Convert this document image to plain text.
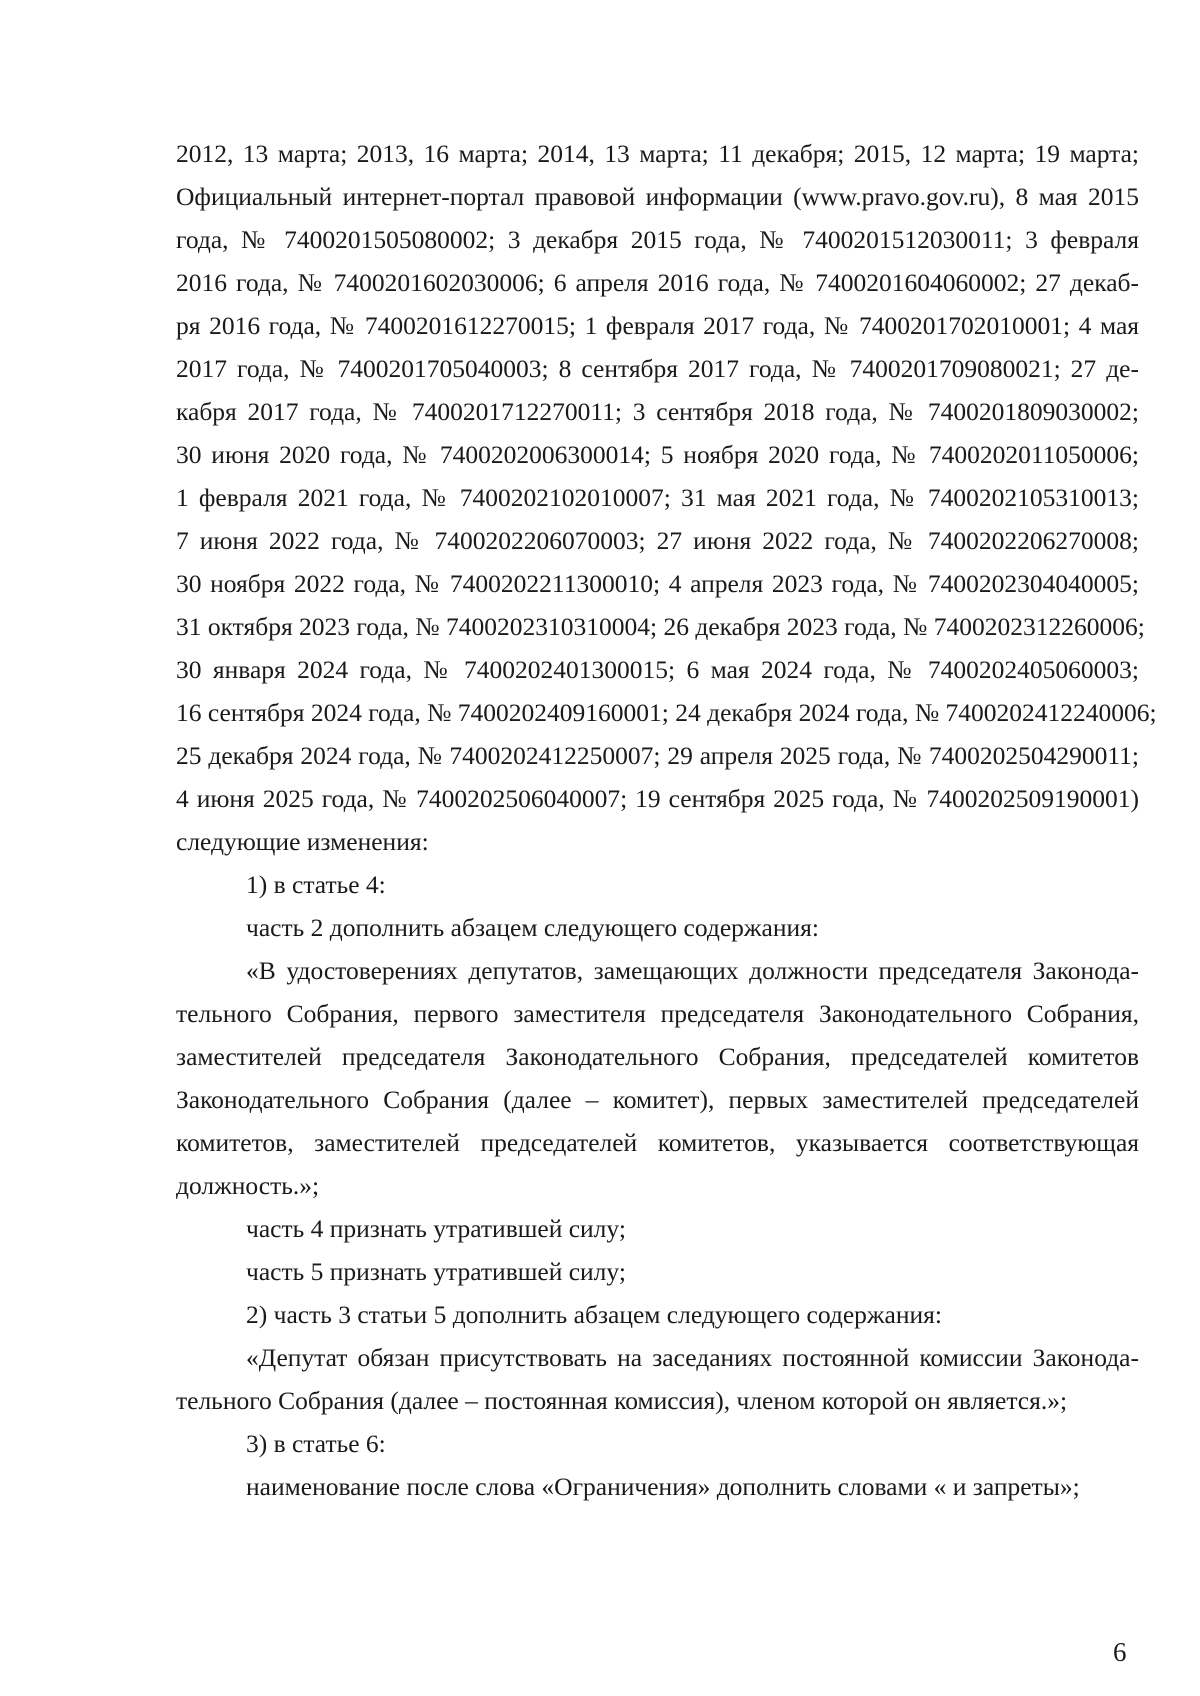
2012, 13 марта; 2013, 16 марта; 2014, 13 марта; 11 декабря; 2015, 12 марта; 19 марта;
Официальный интернет-портал правовой информации (www.pravo.gov.ru), 8 мая 2015
года, № 7400201505080002; 3 декабря 2015 года, № 7400201512030011; 3 февраля
2016 года, № 7400201602030006; 6 апреля 2016 года, № 7400201604060002; 27 декаб-
ря 2016 года, № 7400201612270015; 1 февраля 2017 года, № 7400201702010001; 4 мая
2017 года, № 7400201705040003; 8 сентября 2017 года, № 7400201709080021; 27 де-
кабря 2017 года, № 7400201712270011; 3 сентября 2018 года, № 7400201809030002;
30 июня 2020 года, № 7400202006300014; 5 ноября 2020 года, № 7400202011050006;
1 февраля 2021 года, № 7400202102010007; 31 мая 2021 года, № 7400202105310013;
7 июня 2022 года, № 7400202206070003; 27 июня 2022 года, № 7400202206270008;
30 ноября 2022 года, № 7400202211300010; 4 апреля 2023 года, № 7400202304040005;
31 октября 2023 года, № 7400202310310004; 26 декабря 2023 года, № 7400202312260006;
30 января 2024 года, № 7400202401300015; 6 мая 2024 года, № 7400202405060003;
16 сентября 2024 года, № 7400202409160001; 24 декабря 2024 года, № 7400202412240006;
25 декабря 2024 года, № 7400202412250007; 29 апреля 2025 года, № 7400202504290011;
4 июня 2025 года, № 7400202506040007; 19 сентября 2025 года, № 7400202509190001)
следующие изменения:
1) в статье 4:
часть 2 дополнить абзацем следующего содержания:
«В удостоверениях депутатов, замещающих должности председателя Законода-
тельного Собрания, первого заместителя председателя Законодательного Собрания,
заместителей председателя Законодательного Собрания, председателей комитетов
Законодательного Собрания (далее – комитет), первых заместителей председателей
комитетов, заместителей председателей комитетов, указывается соответствующая
должность.»;
часть 4 признать утратившей силу;
часть 5 признать утратившей силу;
2) часть 3 статьи 5 дополнить абзацем следующего содержания:
«Депутат обязан присутствовать на заседаниях постоянной комиссии Законода-
тельного Собрания (далее – постоянная комиссия), членом которой он является.»;
3) в статье 6:
наименование после слова «Ограничения» дополнить словами « и запреты»;
6
